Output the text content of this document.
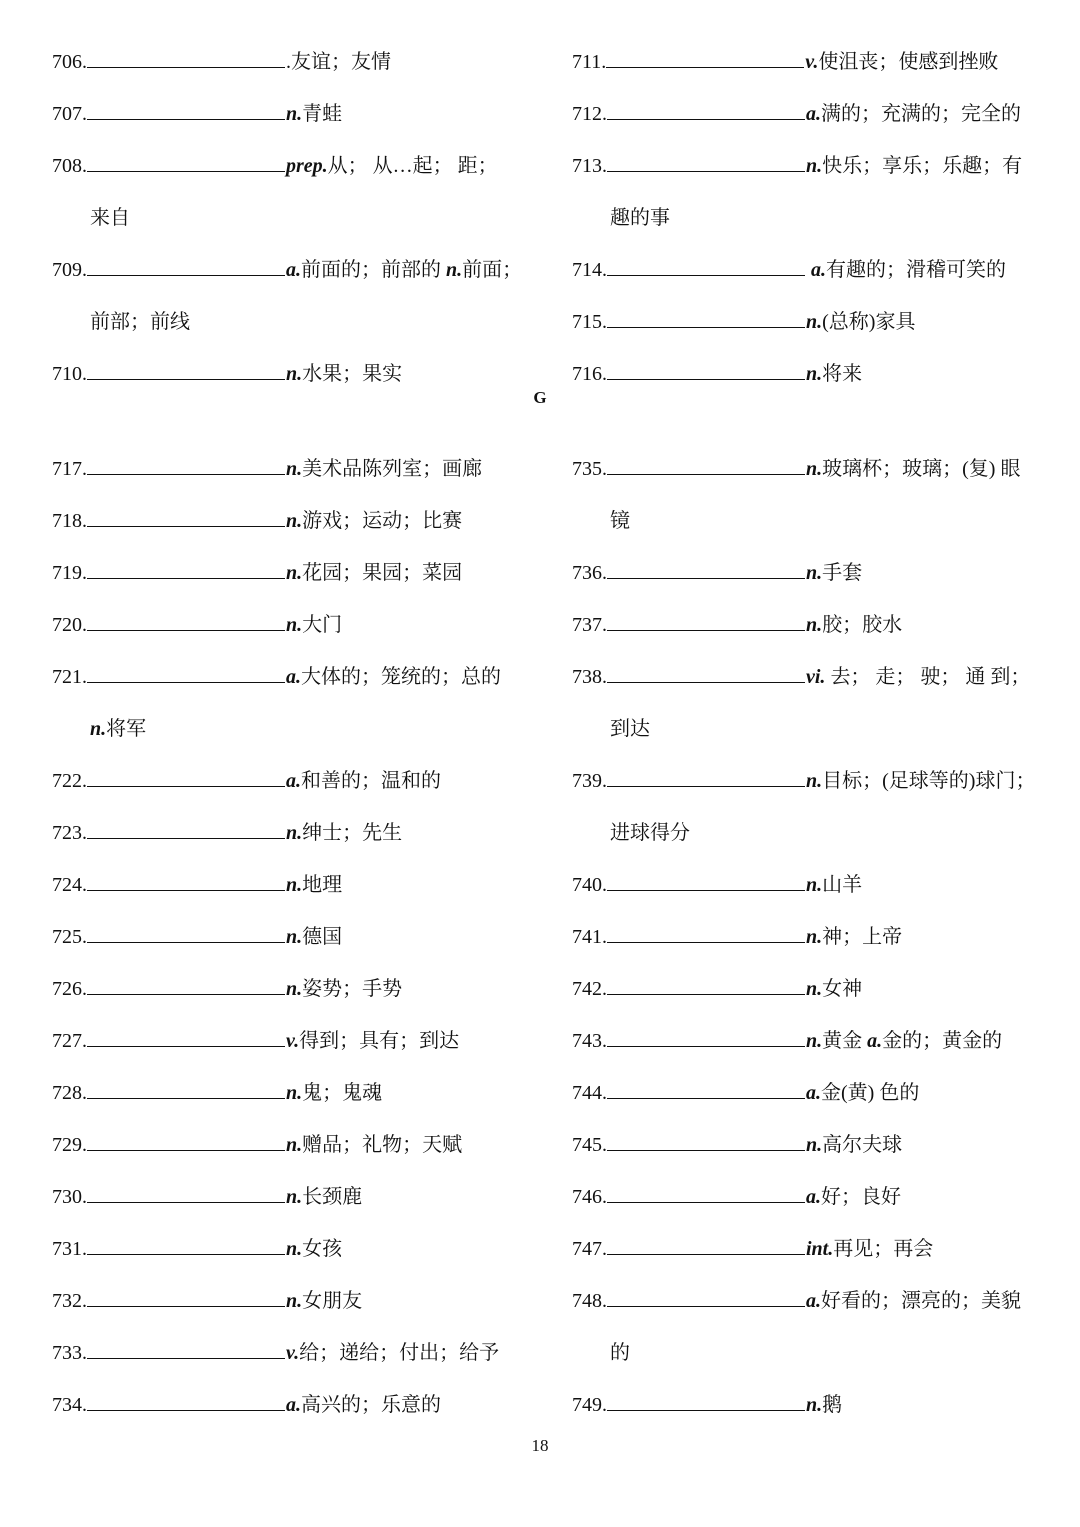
706.	.友谊；友情
707.	n.青蛙
708.	prep.从； 从…起； 距；
来自
709.	a.前面的；前部的 n.前面；
前部；前线
710.	n.水果；果实
711.	v.使沮丧；使感到挫败
712.	a.满的；充满的；完全的
713.	n.快乐；享乐；乐趣；有
趣的事
714.	a.有趣的；滑稽可笑的
715.	n.(总称)家具
716.	n.将来
G
717.	n.美术品陈列室；画廊
718.	n.游戏；运动；比赛
719.	n.花园；果园；菜园
720.	n.大门
721.	a.大体的；笼统的；总的
n.将军
722.	a.和善的；温和的
723.	n.绅士；先生
724.	n.地理
725.	n.德国
726.	n.姿势；手势
727.	v.得到；具有；到达
728.	n.鬼；鬼魂
729.	n.赠品；礼物；天赋
730.	n.长颈鹿
731.	n.女孩
732.	n.女朋友
733.	v.给；递给；付出；给予
734.	a.高兴的；乐意的
735.	n.玻璃杯；玻璃；(复) 眼
镜
736.	n.手套
737.	n.胶；胶水
738.	vi. 去； 走； 驶； 通 到；
到达
739.	n.目标；(足球等的)球门；
进球得分
740.	n.山羊
741.	n.神；上帝
742.	n.女神
743.	n.黄金 a.金的；黄金的
744.	a.金(黄) 色的
745.	n.高尔夫球
746.	a.好；良好
747.	int.再见；再会
748.	a.好看的；漂亮的；美貌
的
749.	n.鹅
18
